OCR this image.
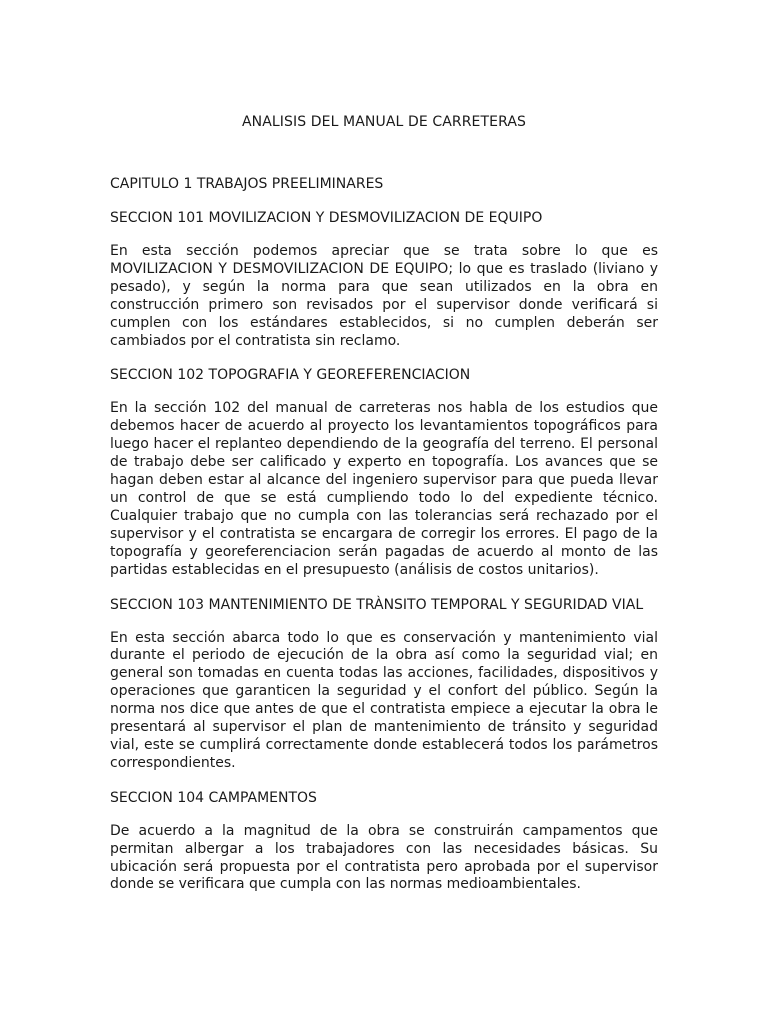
ANALISIS DEL MANUAL DE CARRETERAS
CAPITULO 1 TRABAJOS PREELIMINARES
SECCION 101 MOVILIZACION Y DESMOVILIZACION DE EQUIPO

En esta sección podemos apreciar que se trata sobre lo que es MOVILIZACION Y DESMOVILIZACION DE EQUIPO; lo que es traslado (liviano y pesado), y según la norma para que sean utilizados en la obra en construcción primero son revisados por el supervisor donde verificará si cumplen con los estándares establecidos, si no cumplen deberán ser cambiados por el contratista sin reclamo.

SECCION 102 TOPOGRAFIA Y GEOREFERENCIACION

En la sección 102 del manual de carreteras nos habla de los estudios que debemos hacer de acuerdo al proyecto los levantamientos topográficos para luego hacer el replanteo dependiendo de la geografía del terreno. El personal de trabajo debe ser calificado y experto en topografía. Los avances que se hagan deben estar al alcance del ingeniero supervisor para que pueda llevar un control de que se está cumpliendo todo lo del expediente técnico. Cualquier trabajo que no cumpla con las tolerancias será rechazado por el supervisor y el contratista se encargara de corregir los errores. El pago de la topografía y georeferenciacion serán pagadas de acuerdo al monto de las partidas establecidas en el presupuesto (análisis de costos unitarios).

SECCION 103 MANTENIMIENTO DE TRÀNSITO TEMPORAL Y SEGURIDAD VIAL

En esta sección abarca todo lo que es conservación y mantenimiento vial durante el periodo de ejecución de la obra así como la seguridad vial; en general son tomadas en cuenta todas las acciones, facilidades, dispositivos y operaciones que garanticen la seguridad y el confort del público. Según la norma nos dice que antes de que el contratista empiece a ejecutar la obra le presentará al supervisor el plan de mantenimiento de tránsito y seguridad vial, este se cumplirá correctamente donde establecerá todos los parámetros correspondientes.

SECCION 104 CAMPAMENTOS

De acuerdo a la magnitud de la obra se construirán campamentos que permitan albergar a los trabajadores con las necesidades básicas. Su ubicación será propuesta por el contratista pero aprobada por el supervisor donde se verificara que cumpla con las normas medioambientales.
